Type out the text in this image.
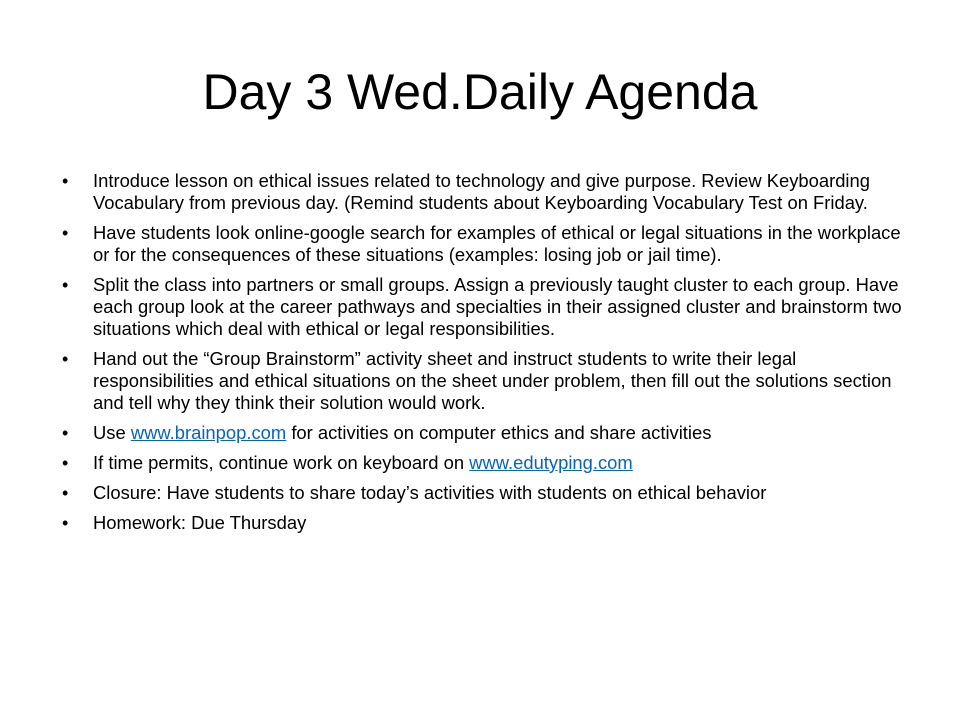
Day 3 Wed.Daily Agenda
• Introduce lesson on ethical issues related to technology and give purpose. Review Keyboarding Vocabulary from previous day. (Remind students about Keyboarding Vocabulary Test on Friday.
• Have students look online-google search for examples of ethical or legal situations in the workplace or for the consequences of these situations (examples: losing job or jail time).
• Split the class into partners or small groups. Assign a previously taught cluster to each group. Have each group look at the career pathways and specialties in their assigned cluster and brainstorm two situations which deal with ethical or legal responsibilities.
• Hand out the “Group Brainstorm” activity sheet and instruct students to write their legal responsibilities and ethical situations on the sheet under problem, then fill out the solutions section and tell why they think their solution would work.
• Use www.brainpop.com for activities on computer ethics and share activities
• If time permits, continue work on keyboard on www.edutyping.com
• Closure: Have students to share today’s activities with students on ethical behavior
• Homework: Due Thursday
